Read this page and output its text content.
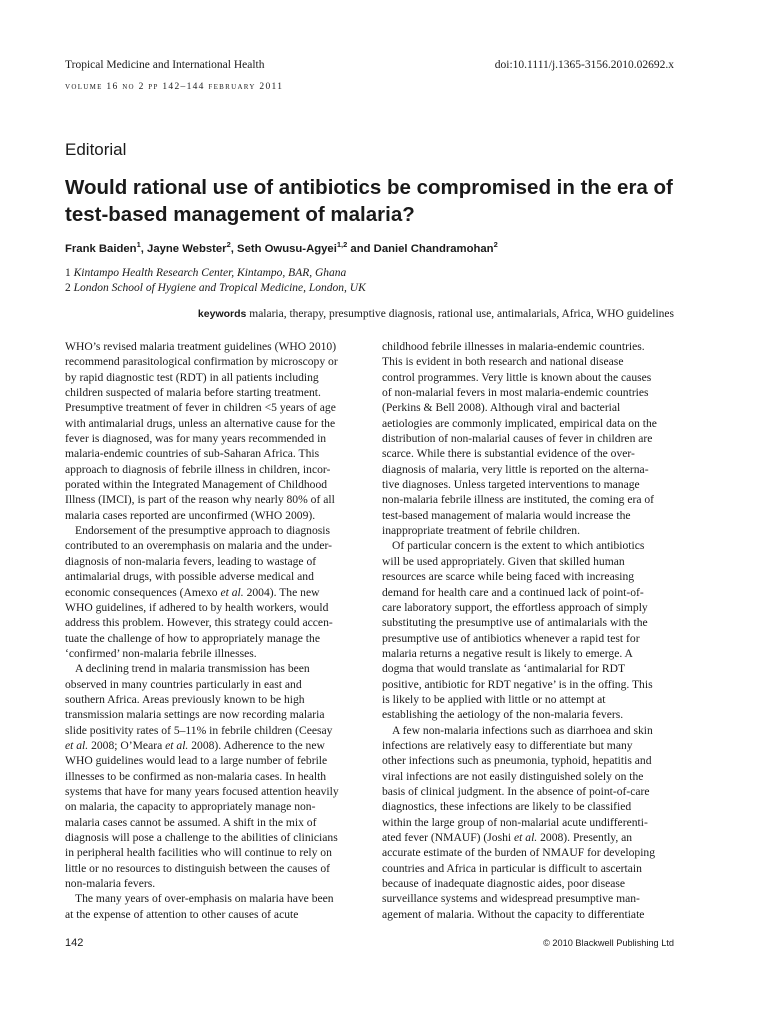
Tropical Medicine and International Health	doi:10.1111/j.1365-3156.2010.02692.x
volume 16 no 2 pp 142–144 february 2011
Editorial
Would rational use of antibiotics be compromised in the era of test-based management of malaria?
Frank Baiden$^1$, Jayne Webster$^2$, Seth Owusu-Agyei$^{1,2}$ and Daniel Chandramohan$^2$
1 Kintampo Health Research Center, Kintampo, BAR, Ghana
2 London School of Hygiene and Tropical Medicine, London, UK
keywords malaria, therapy, presumptive diagnosis, rational use, antimalarials, Africa, WHO guidelines
WHO’s revised malaria treatment guidelines (WHO 2010)
recommend parasitological confirmation by microscopy or
by rapid diagnostic test (RDT) in all patients including
children suspected of malaria before starting treatment.
Presumptive treatment of fever in children <5 years of age
with antimalarial drugs, unless an alternative cause for the
fever is diagnosed, was for many years recommended in
malaria-endemic countries of sub-Saharan Africa. This
approach to diagnosis of febrile illness in children, incor-
porated within the Integrated Management of Childhood
Illness (IMCI), is part of the reason why nearly 80% of all
malaria cases reported are unconfirmed (WHO 2009).
Endorsement of the presumptive approach to diagnosis
contributed to an overemphasis on malaria and the under-
diagnosis of non-malaria fevers, leading to wastage of
antimalarial drugs, with possible adverse medical and
economic consequences (Amexo et al. 2004). The new
WHO guidelines, if adhered to by health workers, would
address this problem. However, this strategy could accen-
tuate the challenge of how to appropriately manage the
‘confirmed’ non-malaria febrile illnesses.
A declining trend in malaria transmission has been
observed in many countries particularly in east and
southern Africa. Areas previously known to be high
transmission malaria settings are now recording malaria
slide positivity rates of 5–11% in febrile children (Ceesay
et al. 2008; O’Meara et al. 2008). Adherence to the new
WHO guidelines would lead to a large number of febrile
illnesses to be confirmed as non-malaria cases. In health
systems that have for many years focused attention heavily
on malaria, the capacity to appropriately manage non-
malaria cases cannot be assumed. A shift in the mix of
diagnosis will pose a challenge to the abilities of clinicians
in peripheral health facilities who will continue to rely on
little or no resources to distinguish between the causes of
non-malaria fevers.
The many years of over-emphasis on malaria have been
at the expense of attention to other causes of acute
childhood febrile illnesses in malaria-endemic countries.
This is evident in both research and national disease
control programmes. Very little is known about the causes
of non-malarial fevers in most malaria-endemic countries
(Perkins & Bell 2008). Although viral and bacterial
aetiologies are commonly implicated, empirical data on the
distribution of non-malarial causes of fever in children are
scarce. While there is substantial evidence of the over-
diagnosis of malaria, very little is reported on the alterna-
tive diagnoses. Unless targeted interventions to manage
non-malaria febrile illness are instituted, the coming era of
test-based management of malaria would increase the
inappropriate treatment of febrile children.
Of particular concern is the extent to which antibiotics
will be used appropriately. Given that skilled human
resources are scarce while being faced with increasing
demand for health care and a continued lack of point-of-
care laboratory support, the effortless approach of simply
substituting the presumptive use of antimalarials with the
presumptive use of antibiotics whenever a rapid test for
malaria returns a negative result is likely to emerge. A
dogma that would translate as ‘antimalarial for RDT
positive, antibiotic for RDT negative’ is in the offing. This
is likely to be applied with little or no attempt at
establishing the aetiology of the non-malaria fevers.
A few non-malaria infections such as diarrhoea and skin
infections are relatively easy to differentiate but many
other infections such as pneumonia, typhoid, hepatitis and
viral infections are not easily distinguished solely on the
basis of clinical judgment. In the absence of point-of-care
diagnostics, these infections are likely to be classified
within the large group of non-malarial acute undifferenti-
ated fever (NMAUF) (Joshi et al. 2008). Presently, an
accurate estimate of the burden of NMAUF for developing
countries and Africa in particular is difficult to ascertain
because of inadequate diagnostic aides, poor disease
surveillance systems and widespread presumptive man-
agement of malaria. Without the capacity to differentiate
142	© 2010 Blackwell Publishing Ltd
